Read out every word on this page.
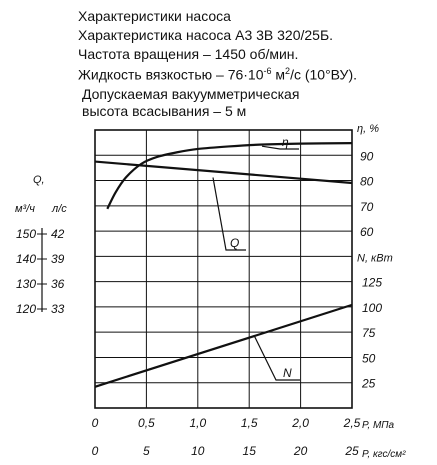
Характеристики насоса
Характеристика насоса А3 3В 320/25Б.
Частота вращения – 1450 об/мин.
Жидкость вязкостью – $76\cdot 10^{-6}$ $м^2/с$ (10°ВУ).
Допускаемая вакуумметрическая
высота всасывания – 5 м
η
Q
N
0	0,5	1,0	1,5	2,0	2,5 P, МПа
0	5	10	15	20	25 P, кгс/см²
η, %
90
80
70
60
N, кВт
125
100
75
50
25
Q,
м³/ч л/с
150 42
140 39
130 36
120 33
